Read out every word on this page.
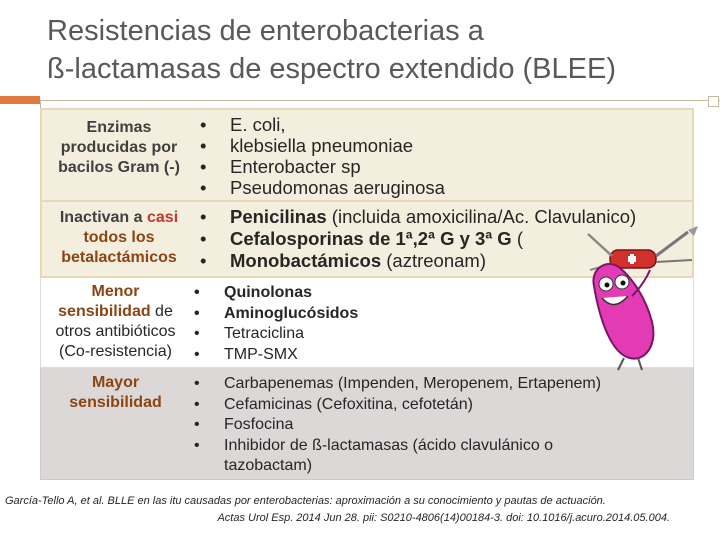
Resistencias de enterobacterias a
ß-lactamasas de espectro extendido (BLEE)
Enzimas
producidas por
bacilos Gram (-)
• E. coli,
• klebsiella pneumoniae
• Enterobacter sp
• Pseudomonas aeruginosa
Inactivan a casi
todos los
betalactámicos
• Penicilinas (incluida amoxicilina/Ac. Clavulanico)
• Cefalosporinas de 1ª,2ª G y 3ª G (
• Monobactámicos (aztreonam)
Menor
sensibilidad de
otros antibióticos
(Co-resistencia)
• Quinolonas
• Aminoglucósidos
• Tetraciclina
• TMP-SMX
Mayor
sensibilidad
• Carbapenemas (Impenden, Meropenem, Ertapenem)
• Cefamicinas (Cefoxitina, cefotetán)
• Fosfocina
• Inhibidor de ß-lactamasas (ácido clavulánico o
tazobactam)
García-Tello A, et al. BLLE en las itu causadas por enterobacterias: aproximación a su conocimiento y pautas de actuación.
Actas Urol Esp. 2014 Jun 28. pii: S0210-4806(14)00184-3. doi: 10.1016/j.acuro.2014.05.004.
